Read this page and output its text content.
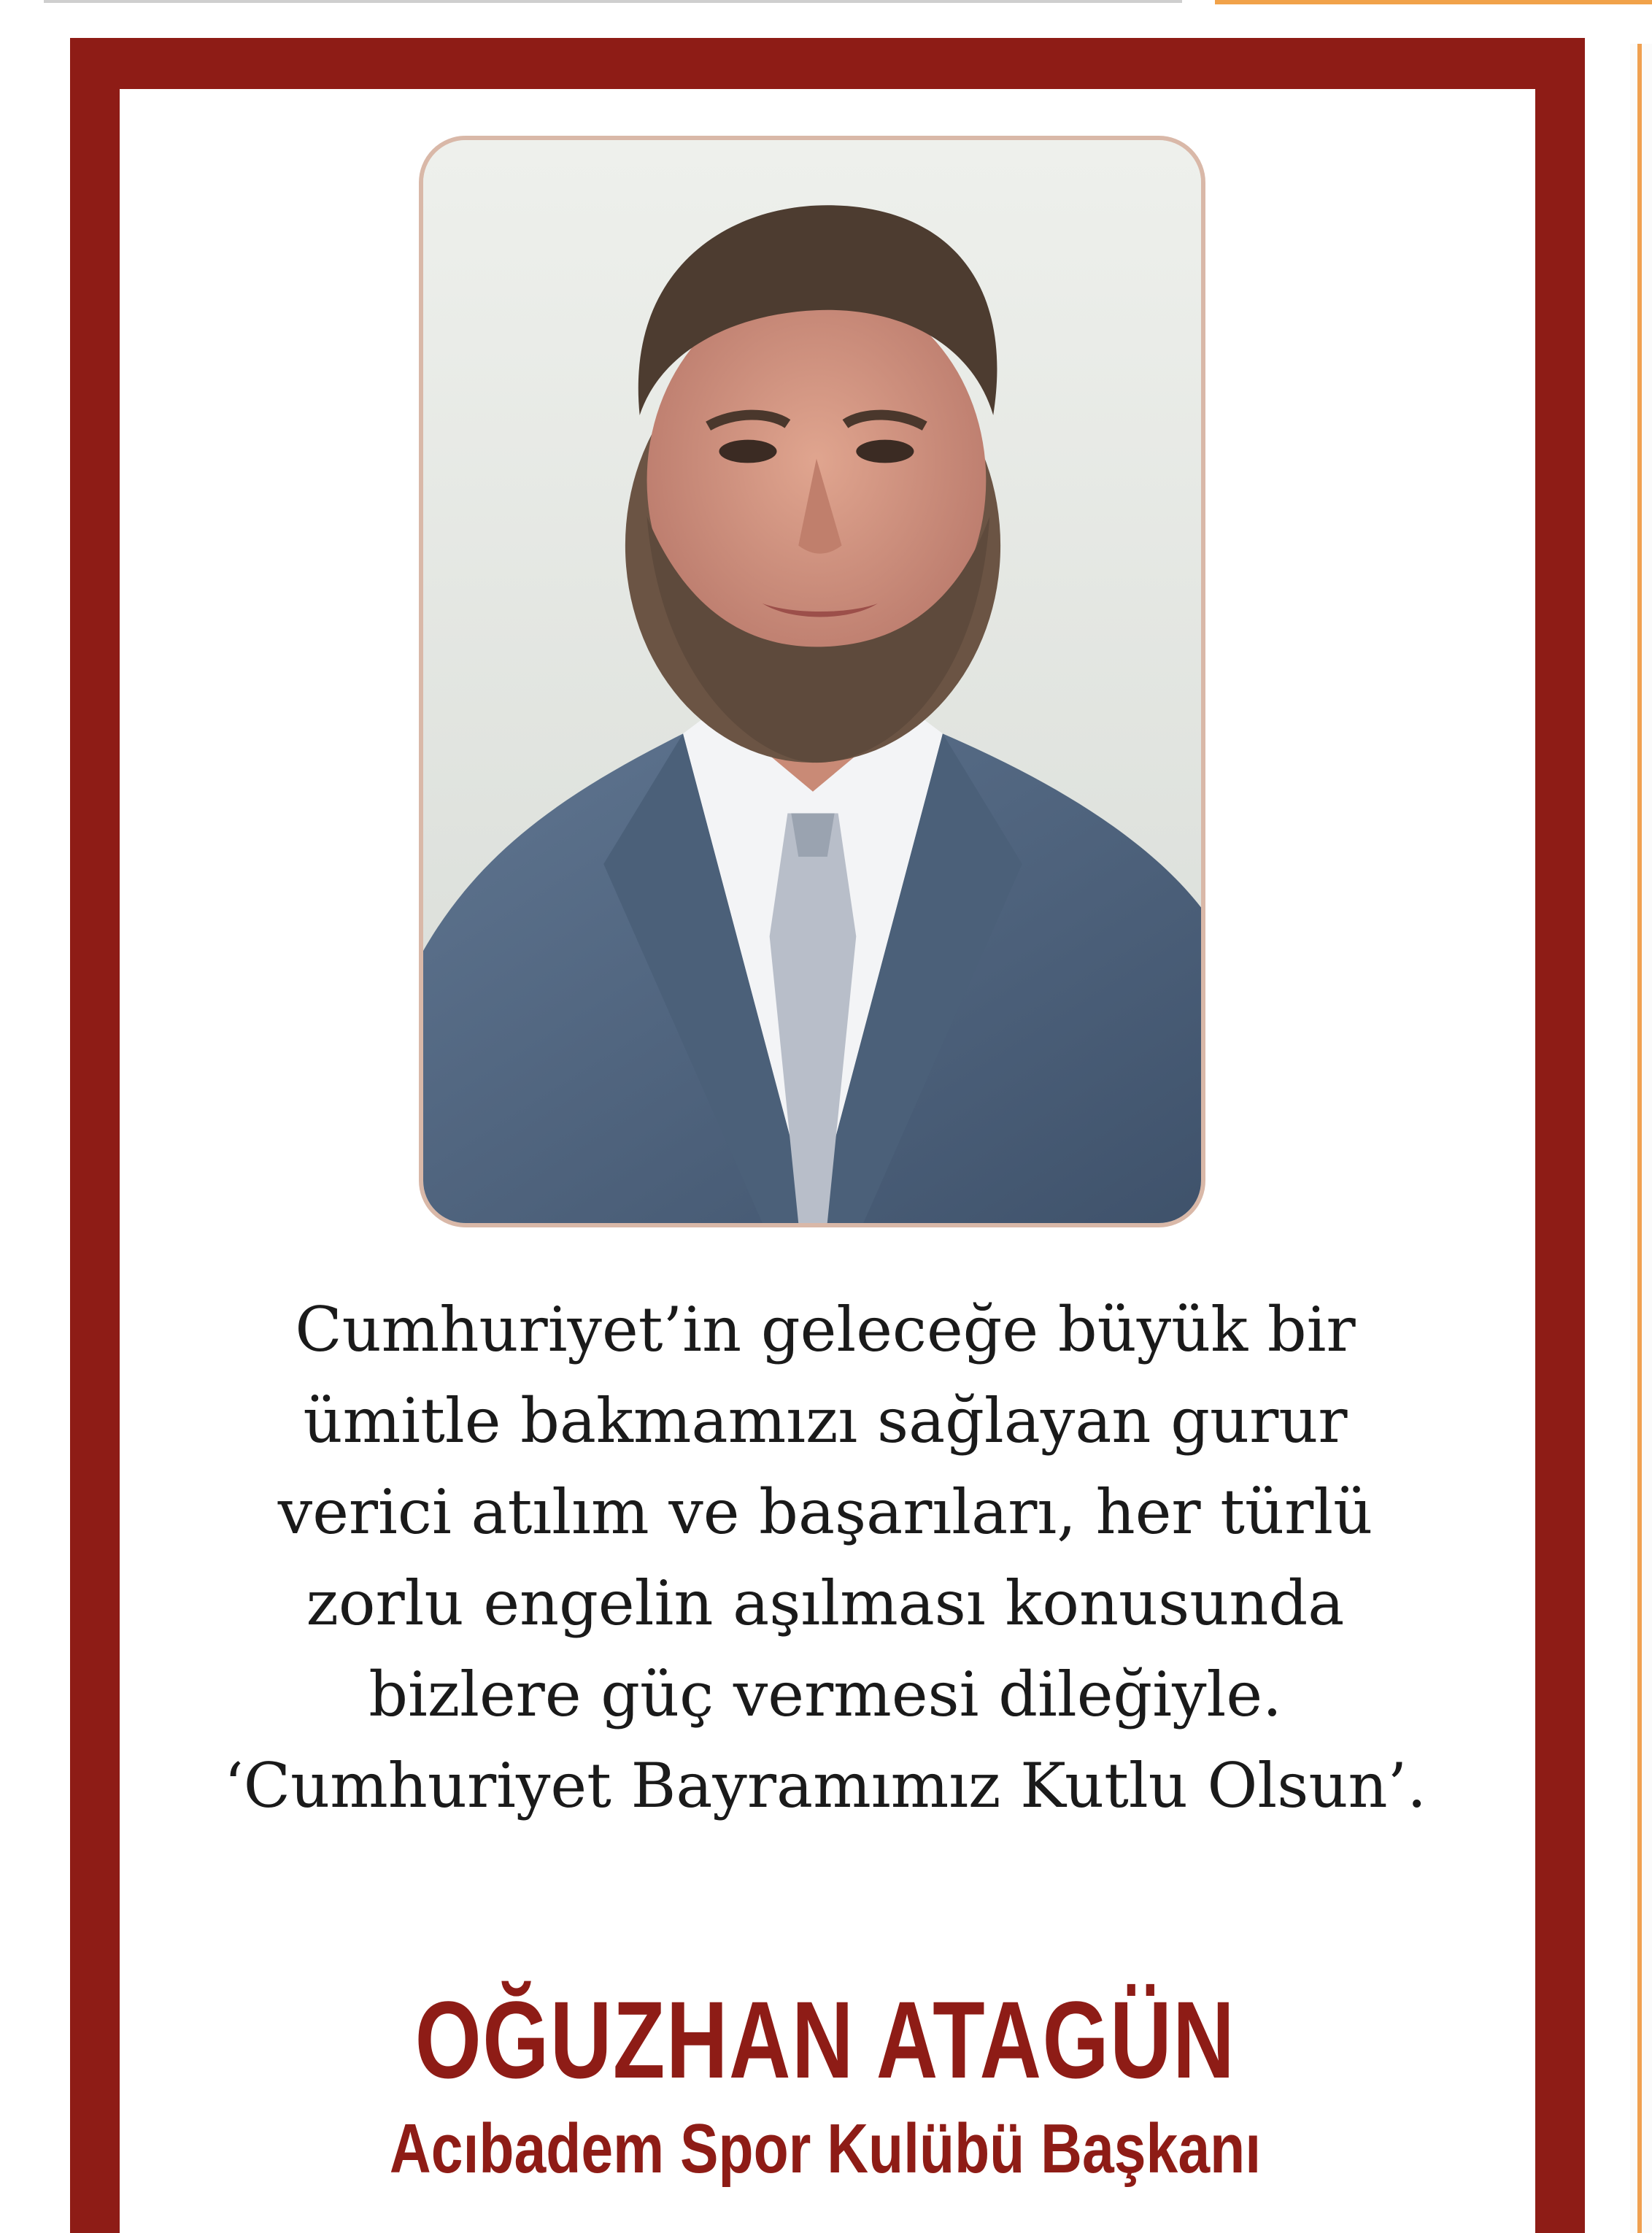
Cumhuriyet’in geleceğe büyük bir
ümitle bakmamızı sağlayan gurur
verici atılım ve başarıları, her türlü
zorlu engelin aşılması konusunda
bizlere güç vermesi dileğiyle.
‘Cumhuriyet Bayramımız Kutlu Olsun’.
OĞUZHAN ATAGÜN
Acıbadem Spor Kulübü Başkanı
